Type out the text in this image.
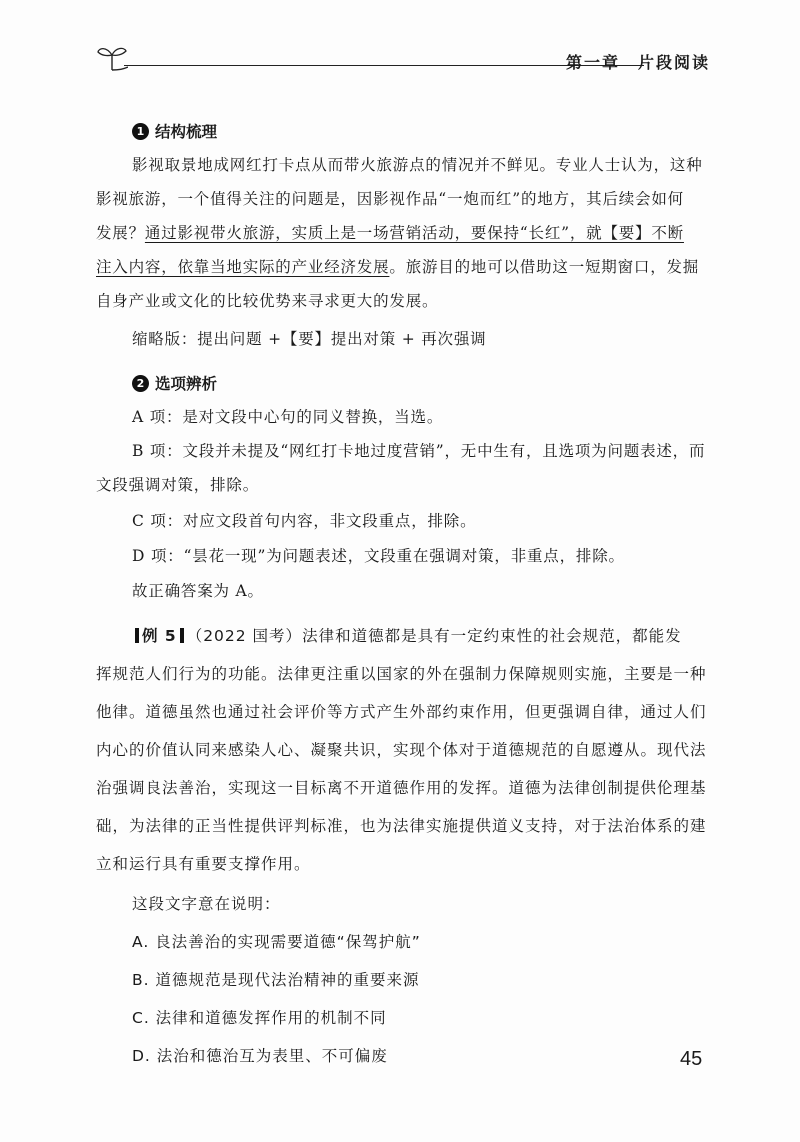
第一章 片段阅读
1 结构梳理
影视取景地成网红打卡点从而带火旅游点的情况并不鲜见。专业人士认为，这种
影视旅游，一个值得关注的问题是，因影视作品“一炮而红”的地方，其后续会如何
发展？通过影视带火旅游，实质上是一场营销活动，要保持“长红”，就【要】不断
注入内容，依靠当地实际的产业经济发展。旅游目的地可以借助这一短期窗口，发掘
自身产业或文化的比较优势来寻求更大的发展。
缩略版：提出问题 +【要】提出对策 + 再次强调
2 选项辨析
A 项：是对文段中心句的同义替换，当选。
B 项：文段并未提及“网红打卡地过度营销”，无中生有，且选项为问题表述，而
文段强调对策，排除。
C 项：对应文段首句内容，非文段重点，排除。
D 项：“昙花一现”为问题表述，文段重在强调对策，非重点，排除。
故正确答案为 A。
例 5 （2022 国考）法律和道德都是具有一定约束性的社会规范，都能发
挥规范人们行为的功能。法律更注重以国家的外在强制力保障规则实施，主要是一种
他律。道德虽然也通过社会评价等方式产生外部约束作用，但更强调自律，通过人们
内心的价值认同来感染人心、凝聚共识，实现个体对于道德规范的自愿遵从。现代法
治强调良法善治，实现这一目标离不开道德作用的发挥。道德为法律创制提供伦理基
础，为法律的正当性提供评判标准，也为法律实施提供道义支持，对于法治体系的建
立和运行具有重要支撑作用。
这段文字意在说明：
A. 良法善治的实现需要道德“保驾护航”
B. 道德规范是现代法治精神的重要来源
C. 法律和道德发挥作用的机制不同
D. 法治和德治互为表里、不可偏废	45
